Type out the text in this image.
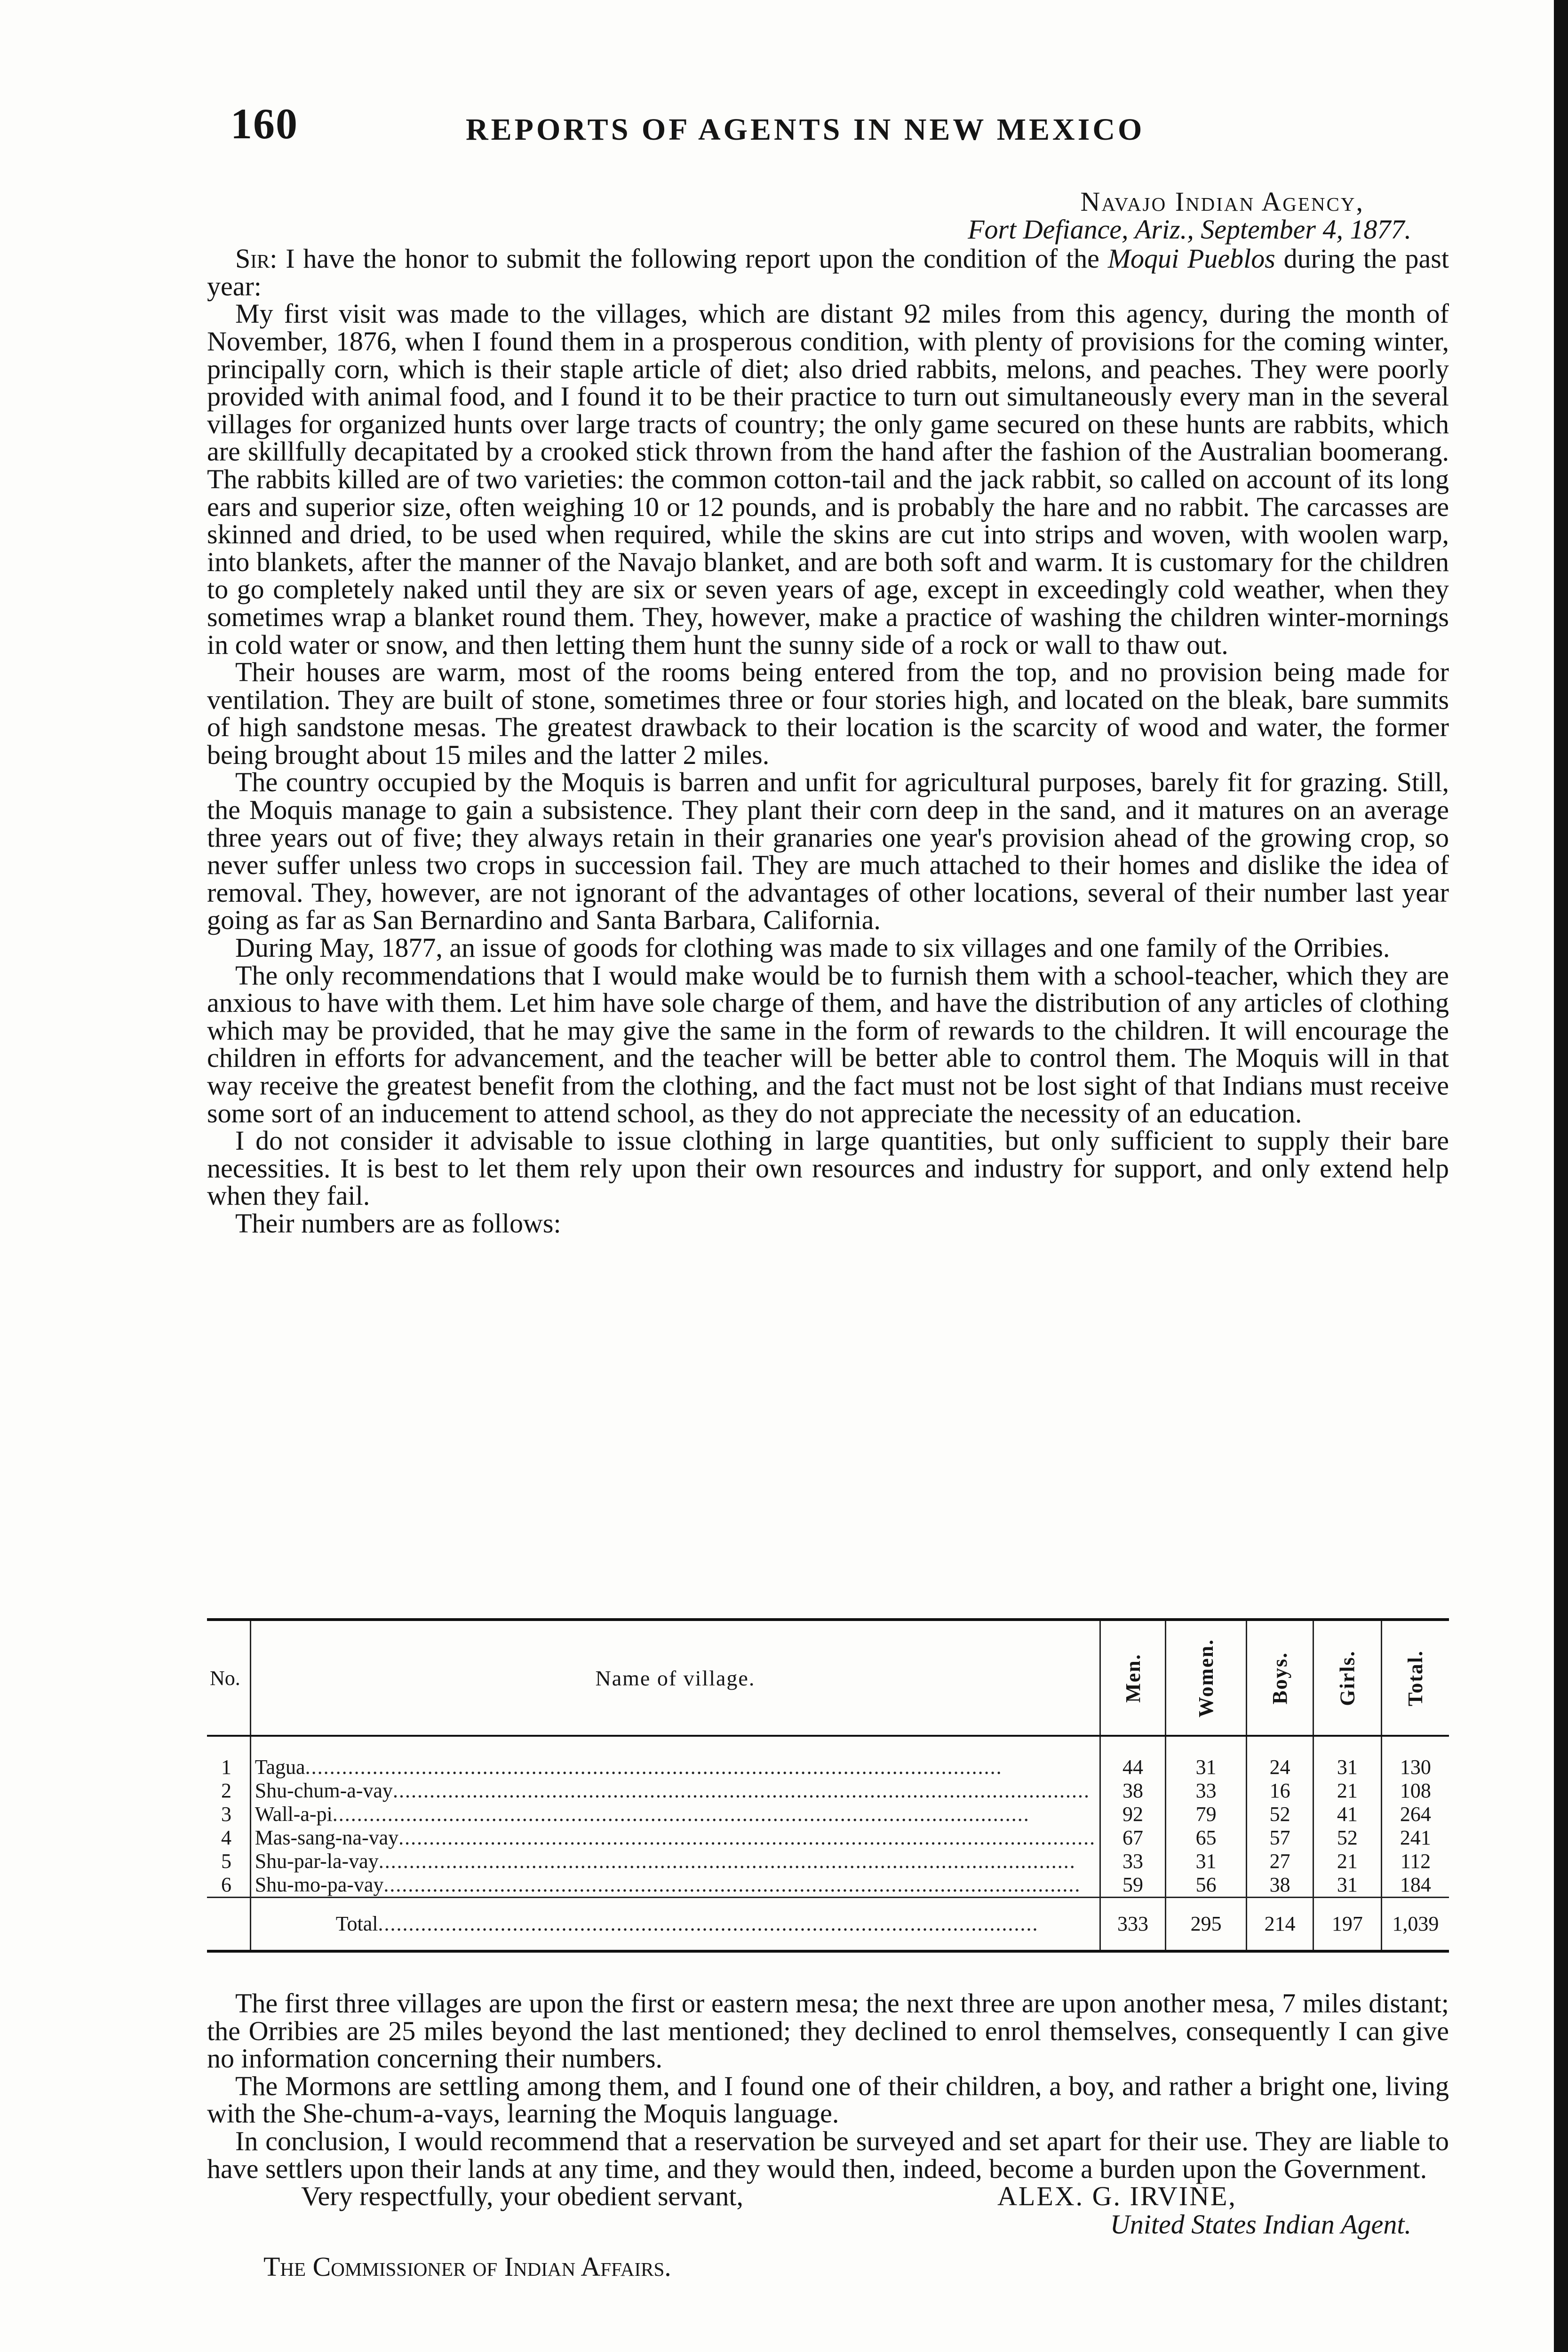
160	REPORTS OF AGENTS IN NEW MEXICO

Navajo Indian Agency,

Fort Defiance, Ariz., September 4, 1877.

Sir: I have the honor to submit the following report upon the condition of the Moqui Pueblos during the past year:

My first visit was made to the villages, which are distant 92 miles from this agency, during the month of November, 1876, when I found them in a prosperous condition, with plenty of provisions for the coming winter, principally corn, which is their staple article of diet; also dried rabbits, melons, and peaches. They were poorly provided with animal food, and I found it to be their practice to turn out simultaneously every man in the several villages for organized hunts over large tracts of country; the only game secured on these hunts are rabbits, which are skillfully decapitated by a crooked stick thrown from the hand after the fashion of the Australian boomerang. The rabbits killed are of two varieties: the common cotton-tail and the jack rabbit, so called on account of its long ears and superior size, often weighing 10 or 12 pounds, and is probably the hare and no rabbit. The carcasses are skinned and dried, to be used when required, while the skins are cut into strips and woven, with woolen warp, into blankets, after the manner of the Navajo blanket, and are both soft and warm. It is customary for the children to go completely naked until they are six or seven years of age, except in exceedingly cold weather, when they sometimes wrap a blanket round them. They, however, make a practice of washing the children winter-mornings in cold water or snow, and then letting them hunt the sunny side of a rock or wall to thaw out.

Their houses are warm, most of the rooms being entered from the top, and no provision being made for ventilation. They are built of stone, sometimes three or four stories high, and located on the bleak, bare summits of high sandstone mesas. The greatest drawback to their location is the scarcity of wood and water, the former being brought about 15 miles and the latter 2 miles.

The country occupied by the Moquis is barren and unfit for agricultural purposes, barely fit for grazing. Still, the Moquis manage to gain a subsistence. They plant their corn deep in the sand, and it matures on an average three years out of five; they always retain in their granaries one year's provision ahead of the growing crop, so never suffer unless two crops in succession fail. They are much attached to their homes and dislike the idea of removal. They, however, are not ignorant of the advantages of other locations, several of their number last year going as far as San Bernardino and Santa Barbara, California.

During May, 1877, an issue of goods for clothing was made to six villages and one family of the Orribies.

The only recommendations that I would make would be to furnish them with a school-teacher, which they are anxious to have with them. Let him have sole charge of them, and have the distribution of any articles of clothing which may be provided, that he may give the same in the form of rewards to the children. It will encourage the children in efforts for advancement, and the teacher will be better able to control them. The Moquis will in that way receive the greatest benefit from the clothing, and the fact must not be lost sight of that Indians must receive some sort of an inducement to attend school, as they do not appreciate the necessity of an education.

I do not consider it advisable to issue clothing in large quantities, but only sufficient to supply their bare necessities. It is best to let them rely upon their own resources and industry for support, and only extend help when they fail.

Their numbers are as follows:

No.	Name of village.	Men.	Women.	Boys.	Girls.	Total.

1	Tagua..................................................................................................................	44	31	24	31	130
2	Shu-chum-a-vay..................................................................................................................	38	33	16	21	108
3	Wall-a-pi..................................................................................................................	92	79	52	41	264
4	Mas-sang-na-vay..................................................................................................................	67	65	57	52	241
5	Shu-par-la-vay..................................................................................................................	33	31	27	21	112
6	Shu-mo-pa-vay..................................................................................................................	59	56	38	31	184
	Total............................................................................................................	333	295	214	197	1,039

The first three villages are upon the first or eastern mesa; the next three are upon another mesa, 7 miles distant; the Orribies are 25 miles beyond the last mentioned; they declined to enrol themselves, consequently I can give no information concerning their numbers.

The Mormons are settling among them, and I found one of their children, a boy, and rather a bright one, living with the She-chum-a-vays, learning the Moquis language.

In conclusion, I would recommend that a reservation be surveyed and set apart for their use. They are liable to have settlers upon their lands at any time, and they would then, indeed, become a burden upon the Government.

Very respectfully, your obedient servant,	ALEX. G. IRVINE,

United States Indian Agent.

The Commissioner of Indian Affairs.
